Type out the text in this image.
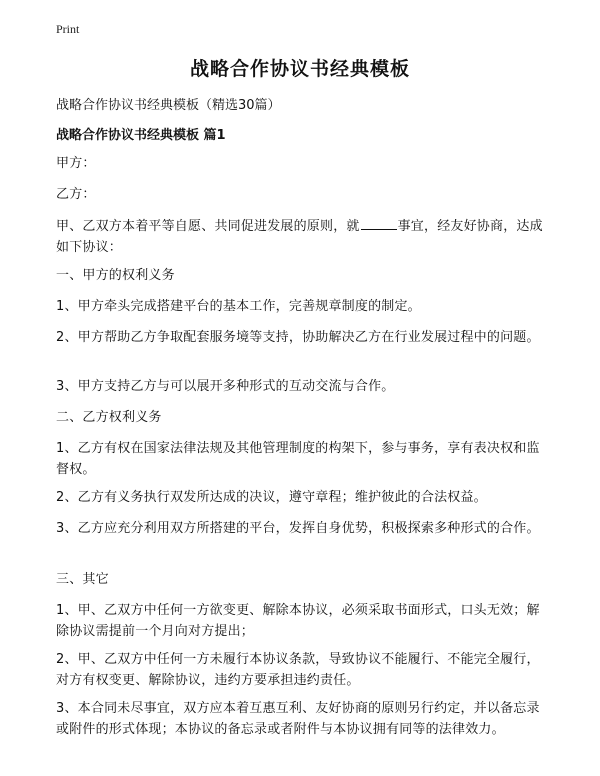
Print
战略合作协议书经典模板
战略合作协议书经典模板（精选30篇）
战略合作协议书经典模板 篇1
甲方：
乙方：
甲、乙双方本着平等自愿、共同促进发展的原则，就	事宜，经友好协商，达成如下协议：
一、甲方的权利义务
1、甲方牵头完成搭建平台的基本工作，完善规章制度的制定。
2、甲方帮助乙方争取配套服务境等支持，协助解决乙方在行业发展过程中的问题。
3、甲方支持乙方与可以展开多种形式的互动交流与合作。
二、乙方权利义务
1、乙方有权在国家法律法规及其他管理制度的构架下，参与事务，享有表决权和监督权。
2、乙方有义务执行双发所达成的决议，遵守章程；维护彼此的合法权益。
3、乙方应充分利用双方所搭建的平台，发挥自身优势，积极探索多种形式的合作。
三、其它
1、甲、乙双方中任何一方欲变更、解除本协议，必须采取书面形式，口头无效；解除协议需提前一个月向对方提出；
2、甲、乙双方中任何一方未履行本协议条款，导致协议不能履行、不能完全履行，对方有权变更、解除协议，违约方要承担违约责任。
3、本合同未尽事宜，双方应本着互惠互利、友好协商的原则另行约定，并以备忘录或附件的形式体现；本协议的备忘录或者附件与本协议拥有同等的法律效力。
